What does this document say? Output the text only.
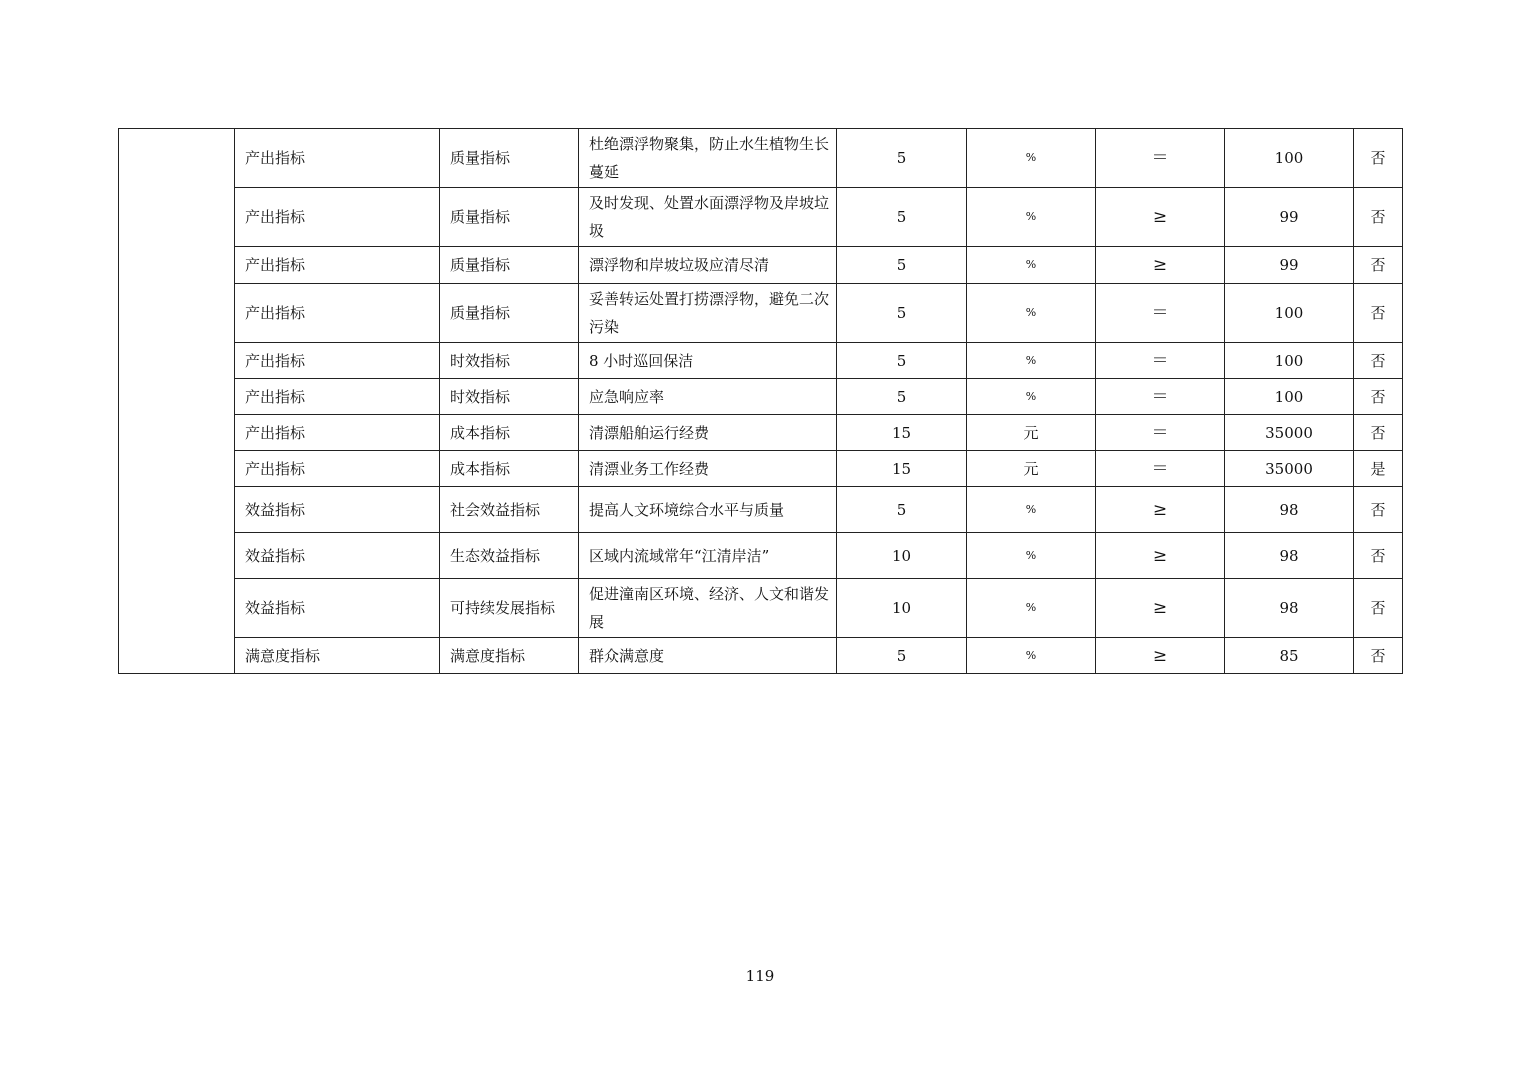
	产出指标	质量指标	杜绝漂浮物聚集，防止水生植物生长蔓延	5	%	＝	100	否
	产出指标	质量指标	及时发现、处置水面漂浮物及岸坡垃圾	5	%	≥	99	否
	产出指标	质量指标	漂浮物和岸坡垃圾应清尽清	5	%	≥	99	否
	产出指标	质量指标	妥善转运处置打捞漂浮物，避免二次污染	5	%	＝	100	否
	产出指标	时效指标	8 小时巡回保洁	5	%	＝	100	否
	产出指标	时效指标	应急响应率	5	%	＝	100	否
	产出指标	成本指标	清漂船舶运行经费	15	元	＝	35000	否
	产出指标	成本指标	清漂业务工作经费	15	元	＝	35000	是
	效益指标	社会效益指标	提高人文环境综合水平与质量	5	%	≥	98	否
	效益指标	生态效益指标	区域内流域常年“江清岸洁”	10	%	≥	98	否
	效益指标	可持续发展指标	促进潼南区环境、经济、人文和谐发展	10	%	≥	98	否
	满意度指标	满意度指标	群众满意度	5	%	≥	85	否
119
